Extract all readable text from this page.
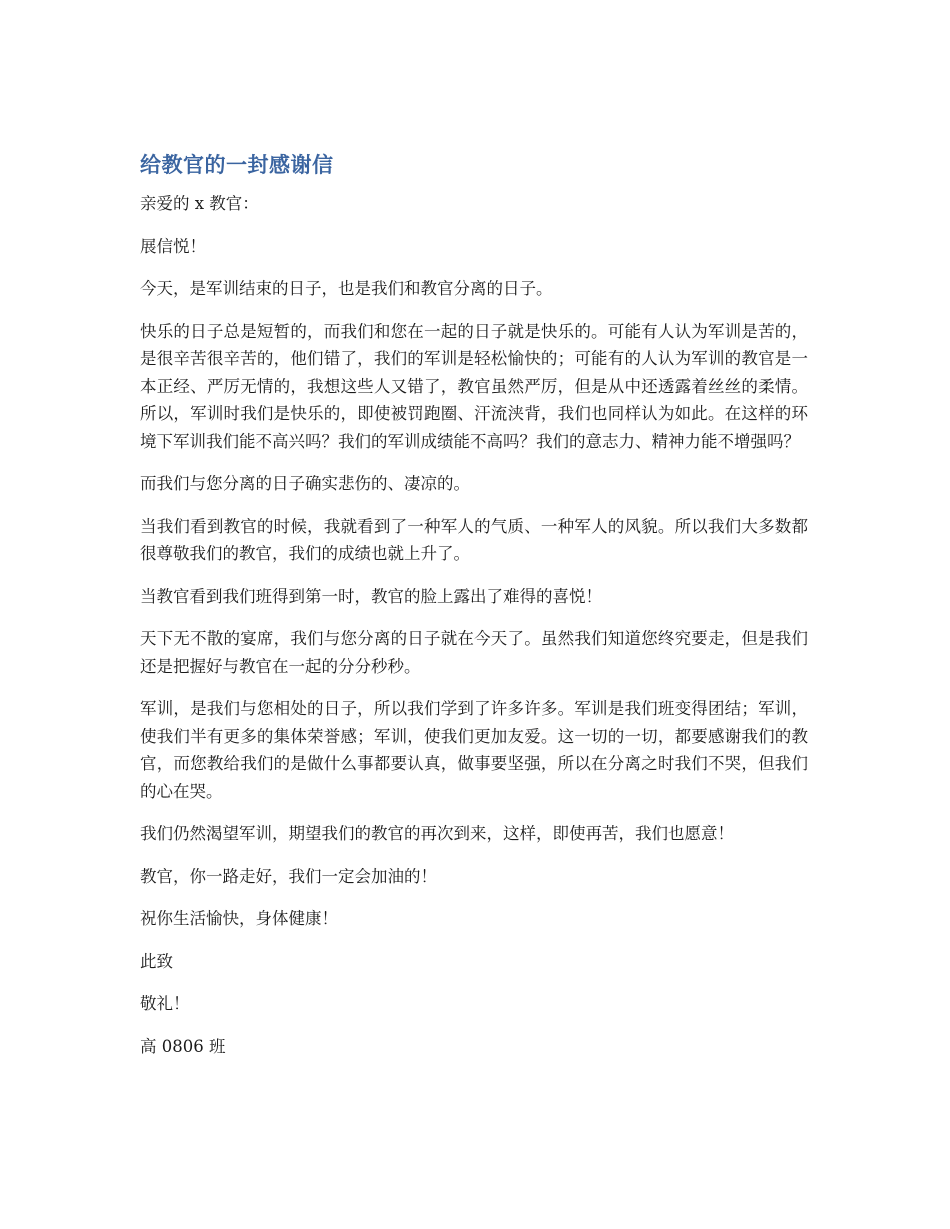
给教官的一封感谢信

亲爱的 x 教官：

展信悦！

今天，是军训结束的日子，也是我们和教官分离的日子。

快乐的日子总是短暂的，而我们和您在一起的日子就是快乐的。可能有人认为军训是苦的，是很辛苦很辛苦的，他们错了，我们的军训是轻松愉快的；可能有的人认为军训的教官是一本正经、严厉无情的，我想这些人又错了，教官虽然严厉，但是从中还透露着丝丝的柔情。所以，军训时我们是快乐的，即使被罚跑圈、汗流浃背，我们也同样认为如此。在这样的环境下军训我们能不高兴吗？我们的军训成绩能不高吗？我们的意志力、精神力能不增强吗？

而我们与您分离的日子确实悲伤的、凄凉的。

当我们看到教官的时候，我就看到了一种军人的气质、一种军人的风貌。所以我们大多数都很尊敬我们的教官，我们的成绩也就上升了。

当教官看到我们班得到第一时，教官的脸上露出了难得的喜悦！

天下无不散的宴席，我们与您分离的日子就在今天了。虽然我们知道您终究要走，但是我们还是把握好与教官在一起的分分秒秒。

军训，是我们与您相处的日子，所以我们学到了许多许多。军训是我们班变得团结；军训，使我们半有更多的集体荣誉感；军训，使我们更加友爱。这一切的一切，都要感谢我们的教官，而您教给我们的是做什么事都要认真，做事要坚强，所以在分离之时我们不哭，但我们的心在哭。

我们仍然渴望军训，期望我们的教官的再次到来，这样，即使再苦，我们也愿意！

教官，你一路走好，我们一定会加油的！

祝你生活愉快，身体健康！

此致

敬礼！

高 0806 班
